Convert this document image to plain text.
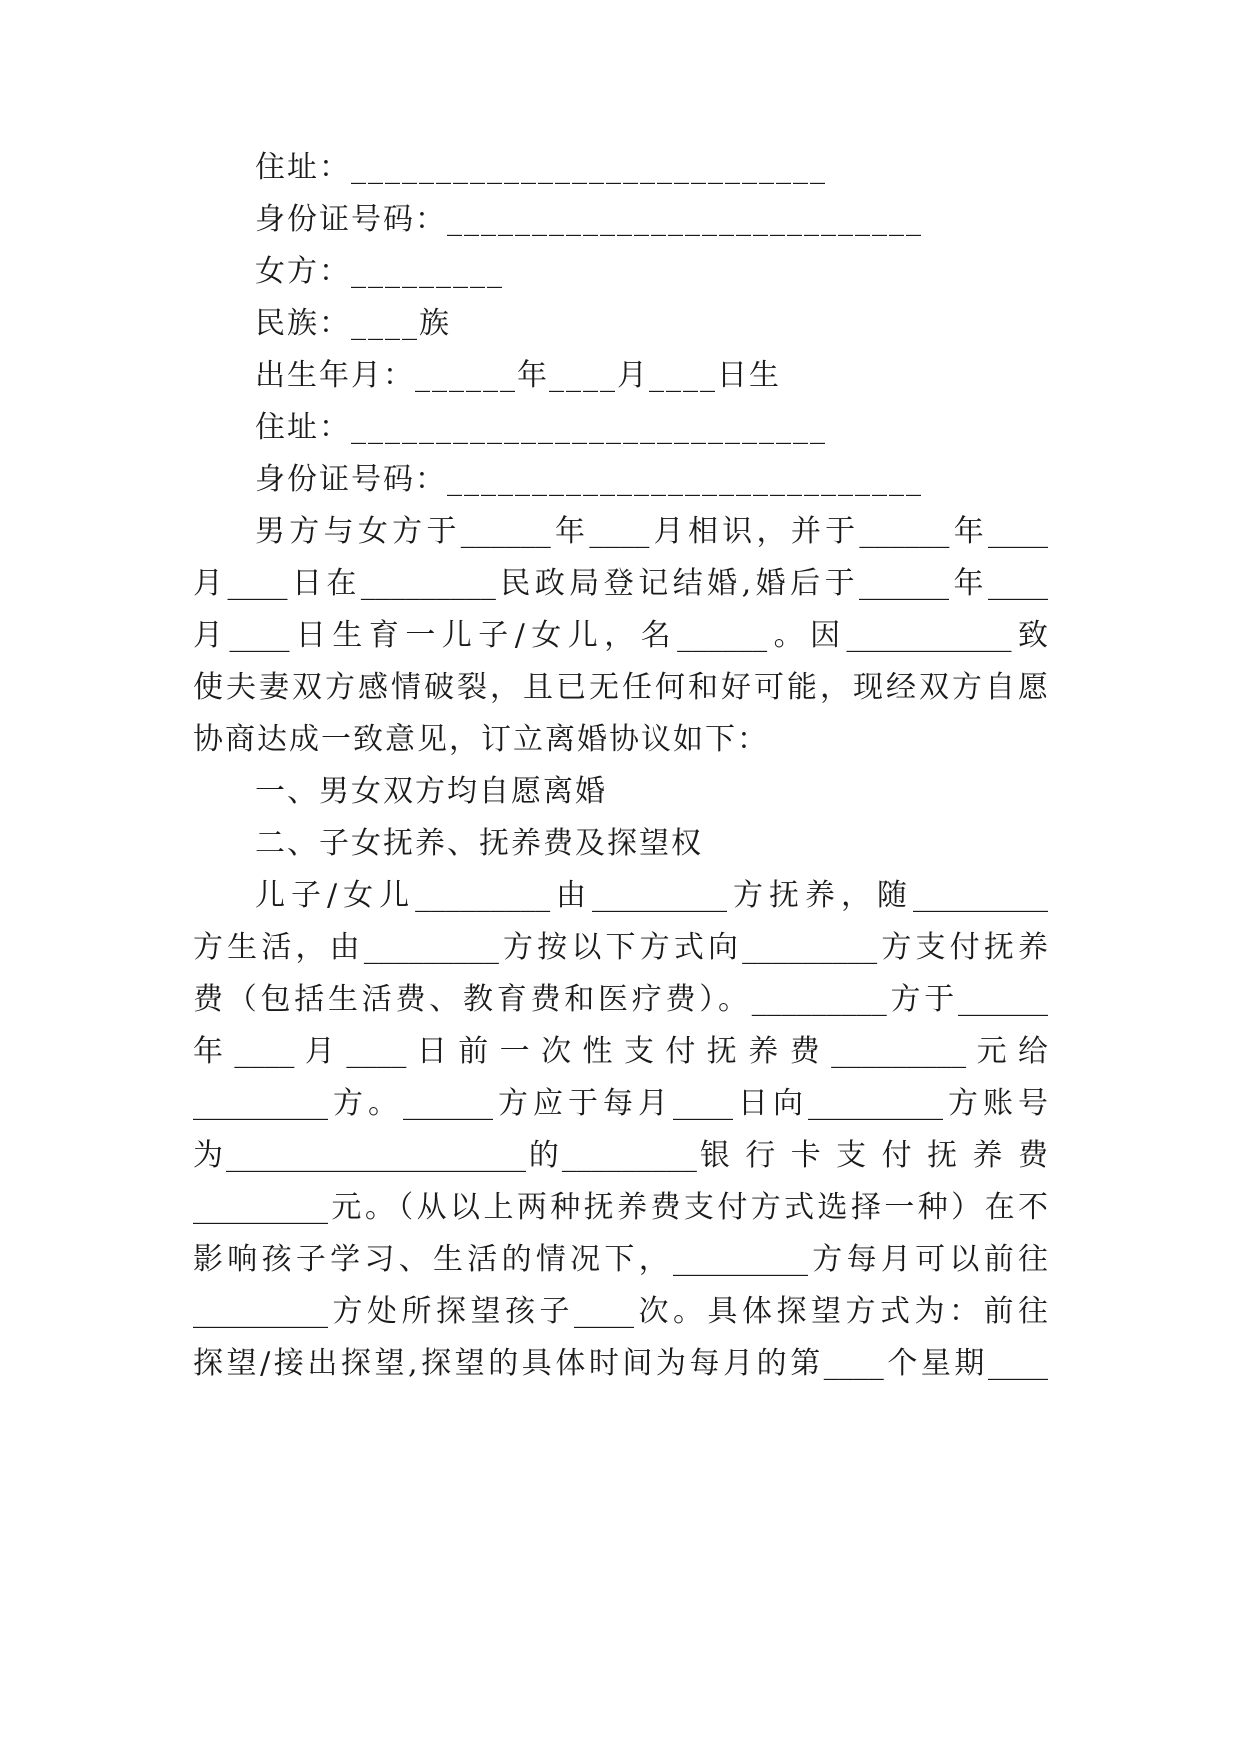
住址：____________________________
身份证号码：____________________________
女方：_________
民族：____族
出生年月：______年____月____日生
住址：____________________________
身份证号码：____________________________
男方与女方于______年____月相识，并于______年____
月____日在_________民政局登记结婚,婚后于______年____
月____日生育一儿子/女儿，名______。因___________致
使夫妻双方感情破裂，且已无任何和好可能，现经双方自愿
协商达成一致意见，订立离婚协议如下：
一、男女双方均自愿离婚
二、子女抚养、抚养费及探望权
儿子/女儿_________由_________方抚养，随_________
方生活，由_________方按以下方式向_________方支付抚养
费（包括生活费、教育费和医疗费）。_________方于______
年 ____ 月 ____ 日 前 一 次 性 支 付 抚 养 费 _________ 元 给
_________方。______方应于每月____日向_________方账号
为____________________的_________银 行 卡 支 付 抚 养 费
_________元。（从以上两种抚养费支付方式选择一种）在不
影响孩子学习、生活的情况下，_________方每月可以前往
_________方处所探望孩子____次。具体探望方式为：前往
探望/接出探望,探望的具体时间为每月的第____个星期____
